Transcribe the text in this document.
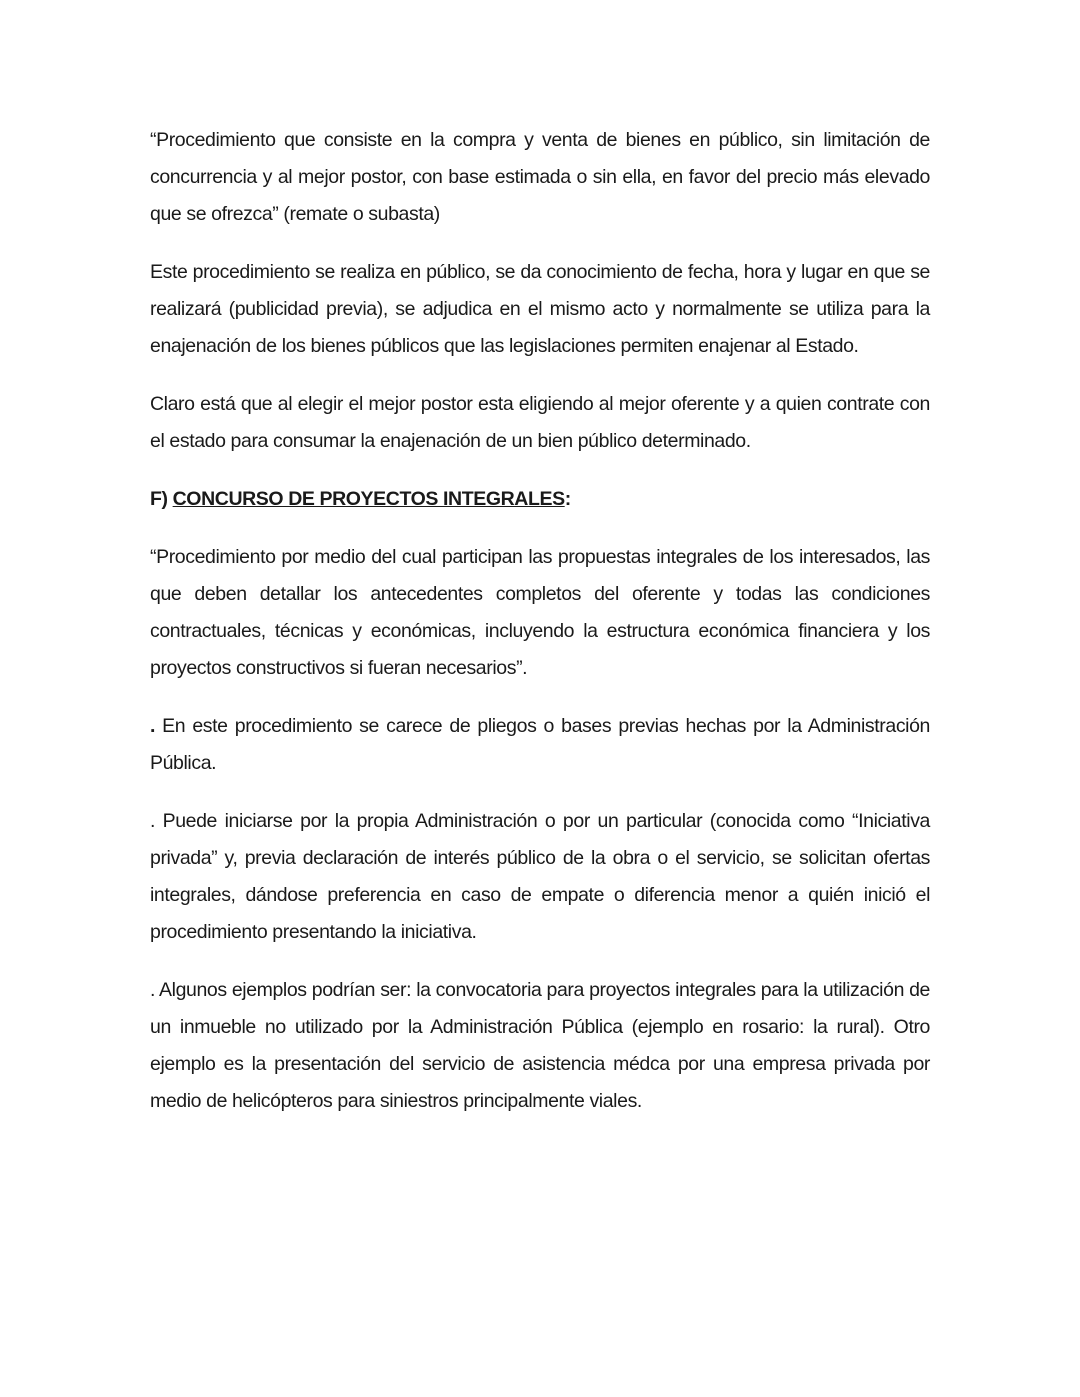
“Procedimiento que consiste en la compra y venta de bienes en público, sin limitación de concurrencia y al mejor postor, con base estimada o sin ella, en favor del precio más elevado que se ofrezca” (remate o subasta)

Este procedimiento se realiza en público, se da conocimiento de fecha, hora y lugar en que se realizará (publicidad previa), se adjudica en el mismo acto y normalmente se utiliza para la enajenación de los bienes públicos que las legislaciones permiten enajenar al Estado.

Claro está que al elegir el mejor postor esta eligiendo al mejor oferente y a quien contrate con el estado para consumar la enajenación de un bien público determinado.

F) CONCURSO DE PROYECTOS INTEGRALES:

“Procedimiento por medio del cual participan las propuestas integrales de los interesados, las que deben detallar los antecedentes completos del oferente y todas las condiciones contractuales, técnicas y económicas, incluyendo la estructura económica financiera y los proyectos constructivos si fueran necesarios”.

. En este procedimiento se carece de pliegos o bases previas hechas por la Administración Pública.

. Puede iniciarse por la propia Administración o por un particular (conocida como “Iniciativa privada” y, previa declaración de interés público de la obra o el servicio, se solicitan ofertas integrales, dándose preferencia en caso de empate o diferencia menor a quién inició el procedimiento presentando la iniciativa.

. Algunos ejemplos podrían ser: la convocatoria para proyectos integrales para la utilización de un inmueble no utilizado por la Administración Pública (ejemplo en rosario: la rural). Otro ejemplo es la presentación del servicio de asistencia médca por una empresa privada por medio de helicópteros para siniestros principalmente viales.
